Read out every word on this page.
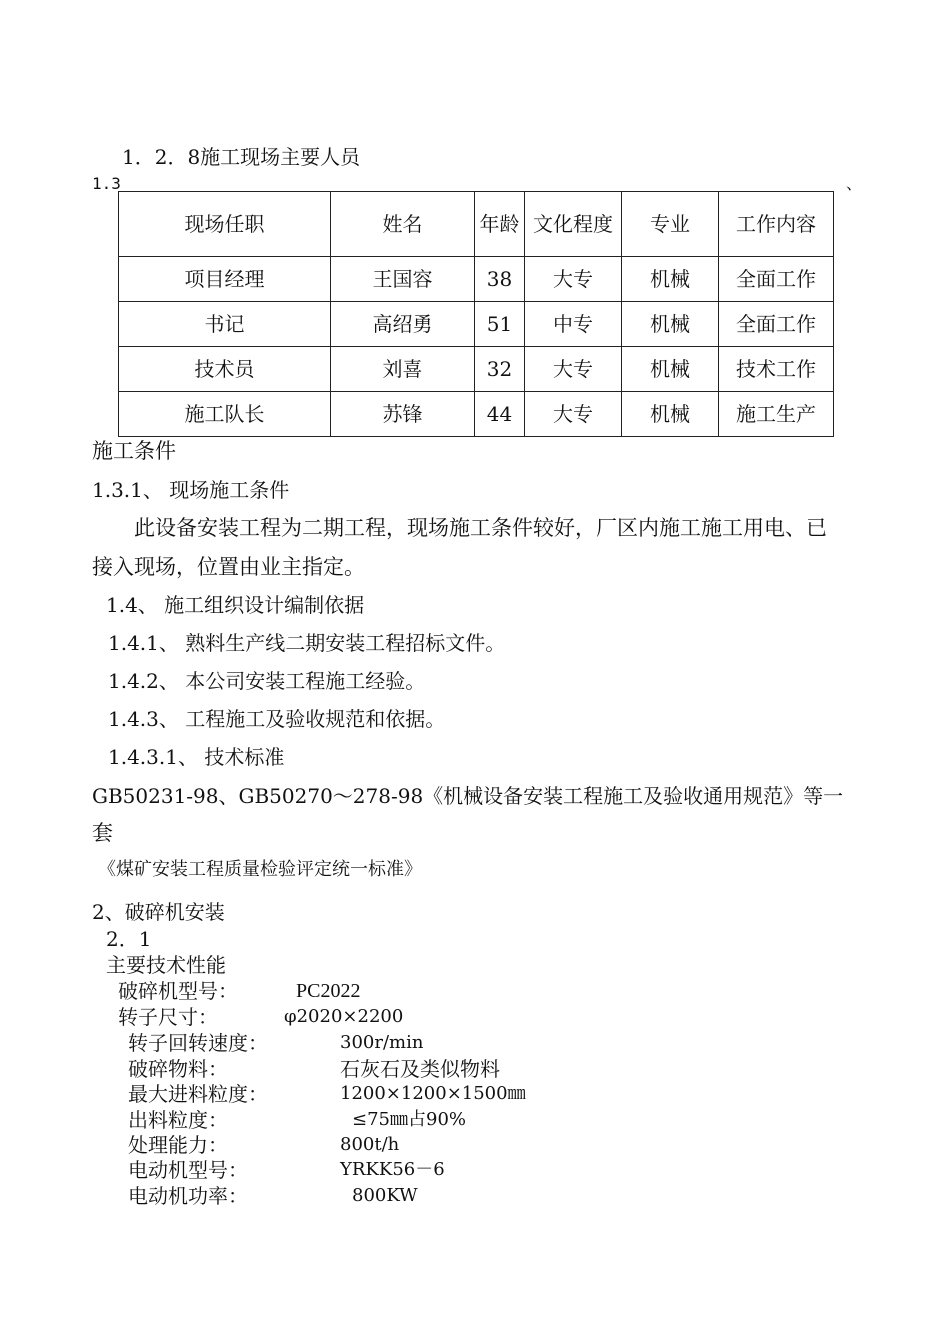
1．2．8施工现场主要人员
1.3	、
现场任职	姓名	年龄	文化程度	专业	工作内容
项目经理	王国容	38	大专	机械	全面工作
书记	高绍勇	51	中专	机械	全面工作
技术员	刘喜	32	大专	机械	技术工作
施工队长	苏锋	44	大专	机械	施工生产
施工条件
1.3.1、 现场施工条件
此设备安装工程为二期工程，现场施工条件较好，厂区内施工施工用电、已
接入现场，位置由业主指定。
1.4、 施工组织设计编制依据
1.4.1、 熟料生产线二期安装工程招标文件。
1.4.2、 本公司安装工程施工经验。
1.4.3、 工程施工及验收规范和依据。
1.4.3.1、 技术标准
GB50231-98、GB50270～278-98《机械设备安装工程施工及验收通用规范》等一
套
《煤矿安装工程质量检验评定统一标准》
2、破碎机安装
2．1
主要技术性能
破碎机型号：	PC2022
转子尺寸：	φ2020×2200
转子回转速度：	300r/min
破碎物料：	石灰石及类似物料
最大进料粒度：	1200×1200×1500㎜
出料粒度：	≤75㎜占90%
处理能力：	800t/h
电动机型号：	YRKK56－6
电动机功率：	800KW
